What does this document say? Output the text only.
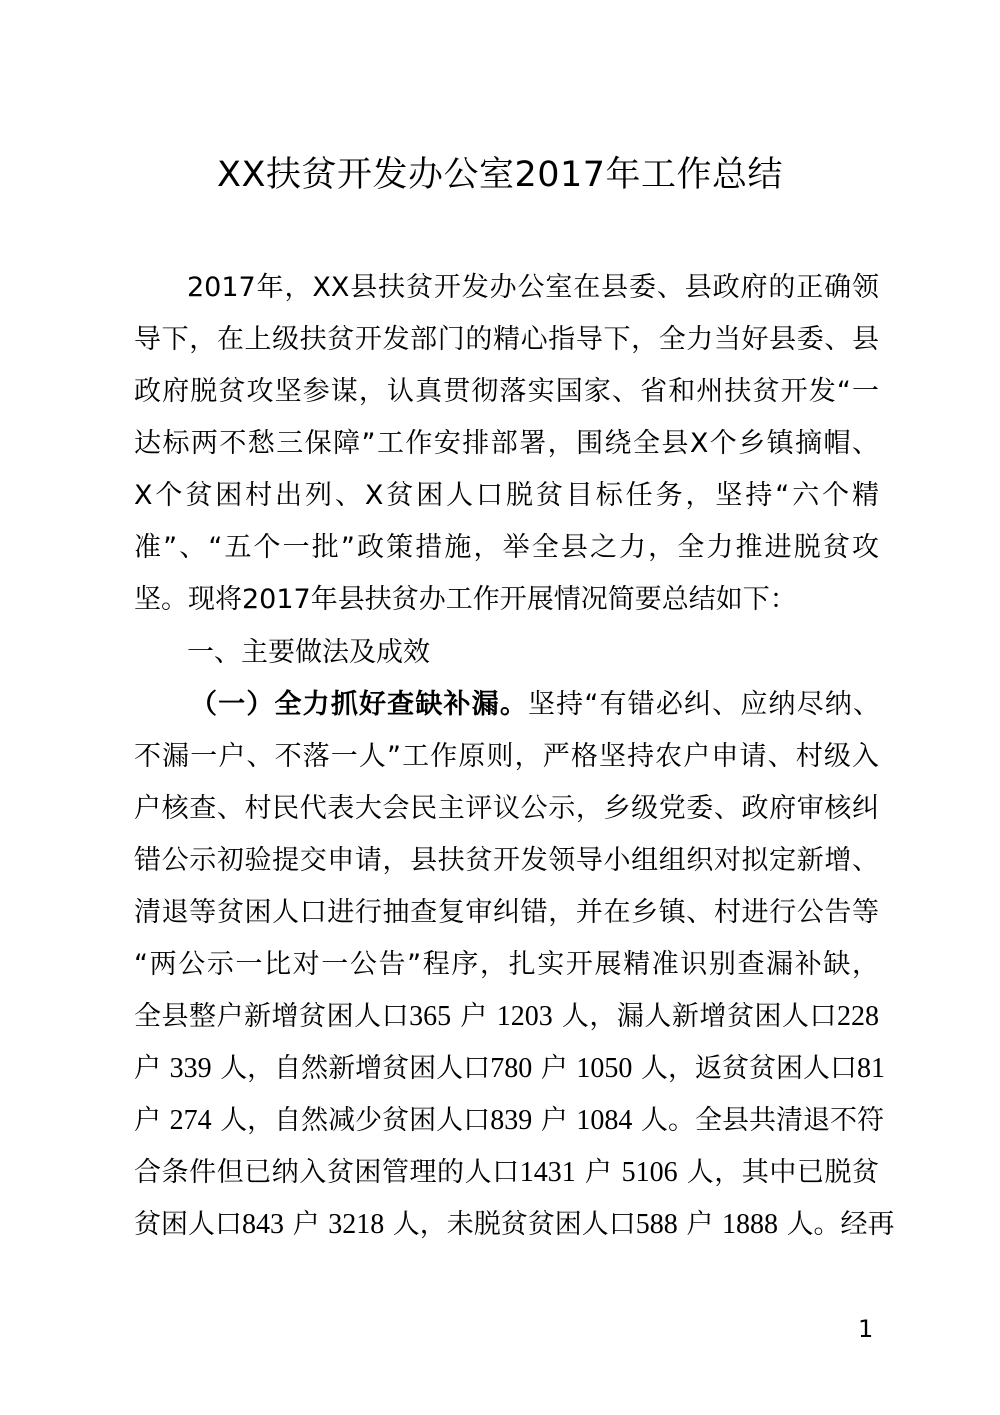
XX扶贫开发办公室2017年工作总结
2017年，XX县扶贫开发办公室在县委、县政府的正确领
导下，在上级扶贫开发部门的精心指导下，全力当好县委、县
政府脱贫攻坚参谋，认真贯彻落实国家、省和州扶贫开发“一
达标两不愁三保障”工作安排部署，围绕全县X个乡镇摘帽、
X个贫困村出列、X贫困人口脱贫目标任务，坚持“六个精
准”、“五个一批”政策措施，举全县之力，全力推进脱贫攻
坚。现将2017年县扶贫办工作开展情况简要总结如下：
一、主要做法及成效
（一）全力抓好查缺补漏。坚持“有错必纠、应纳尽纳、
不漏一户、不落一人”工作原则，严格坚持农户申请、村级入
户核查、村民代表大会民主评议公示，乡级党委、政府审核纠
错公示初验提交申请，县扶贫开发领导小组组织对拟定新增、
清退等贫困人口进行抽查复审纠错，并在乡镇、村进行公告等
“两公示一比对一公告”程序，扎实开展精准识别查漏补缺，
全县整户新增贫困人口365 户 1203 人，漏人新增贫困人口228
户 339 人，自然新增贫困人口780 户 1050 人，返贫贫困人口81
户 274 人，自然减少贫困人口839 户 1084 人。全县共清退不符
合条件但已纳入贫困管理的人口1431 户 5106 人，其中已脱贫
贫困人口843 户 3218 人，未脱贫贫困人口588 户 1888 人。经再
1
